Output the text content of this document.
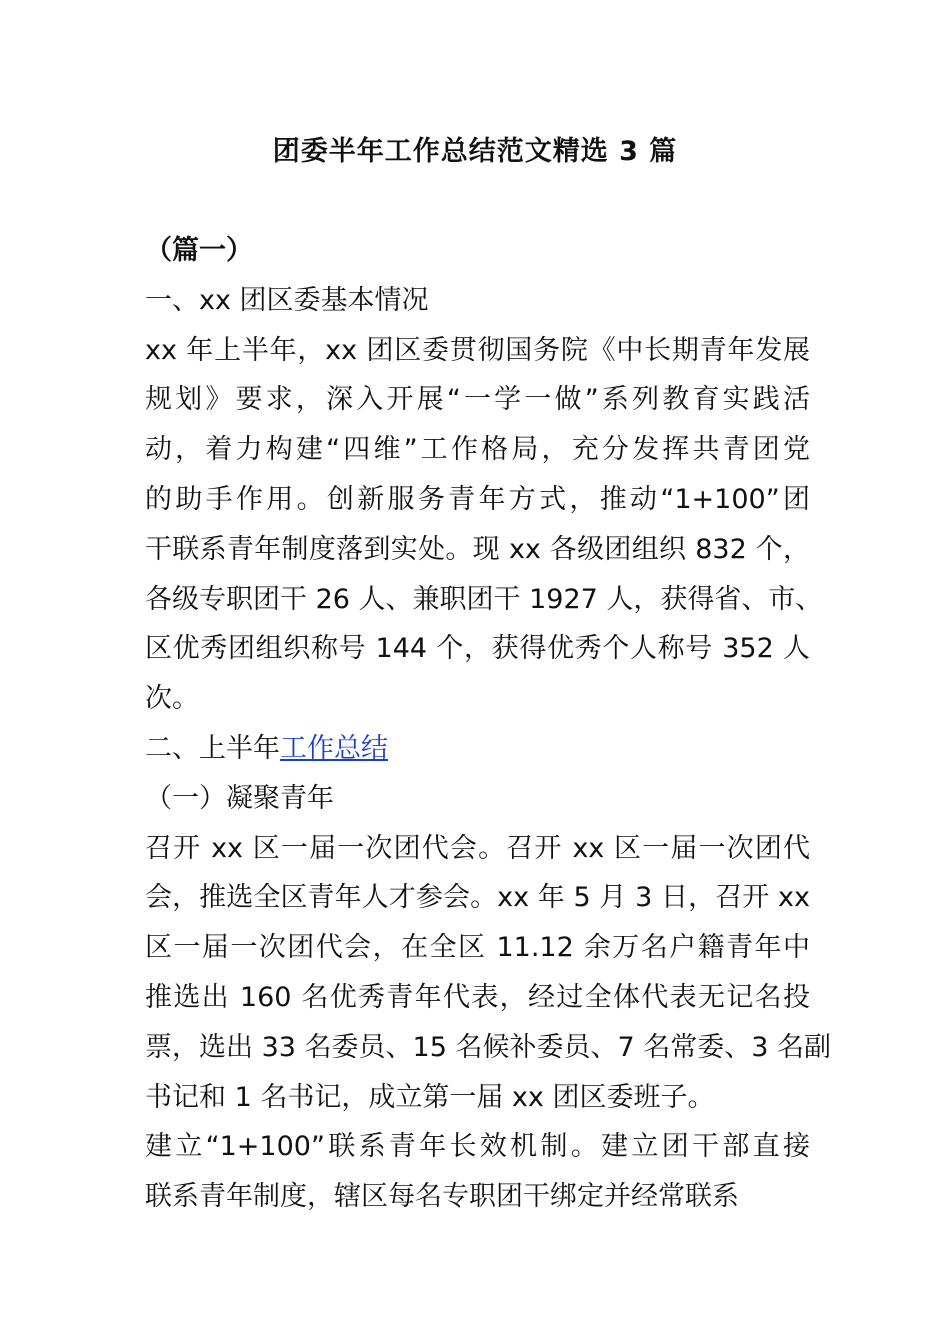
团委半年工作总结范文精选 3 篇
（篇一）
一、xx 团区委基本情况
xx 年上半年，xx 团区委贯彻国务院《中长期青年发展
规划》要求，深入开展“一学一做”系列教育实践活
动，着力构建“四维”工作格局，充分发挥共青团党
的助手作用。创新服务青年方式，推动“1+100”团
干联系青年制度落到实处。现 xx 各级团组织 832 个，
各级专职团干 26 人、兼职团干 1927 人，获得省、市、
区优秀团组织称号 144 个，获得优秀个人称号 352 人
次。
二、上半年工作总结
（一）凝聚青年
召开 xx 区一届一次团代会。召开 xx 区一届一次团代
会，推选全区青年人才参会。xx 年 5 月 3 日，召开 xx
区一届一次团代会，在全区 11.12 余万名户籍青年中
推选出 160 名优秀青年代表，经过全体代表无记名投
票，选出 33 名委员、15 名候补委员、7 名常委、3 名副
书记和 1 名书记，成立第一届 xx 团区委班子。
建立“1+100”联系青年长效机制。建立团干部直接
联系青年制度，辖区每名专职团干绑定并经常联系
